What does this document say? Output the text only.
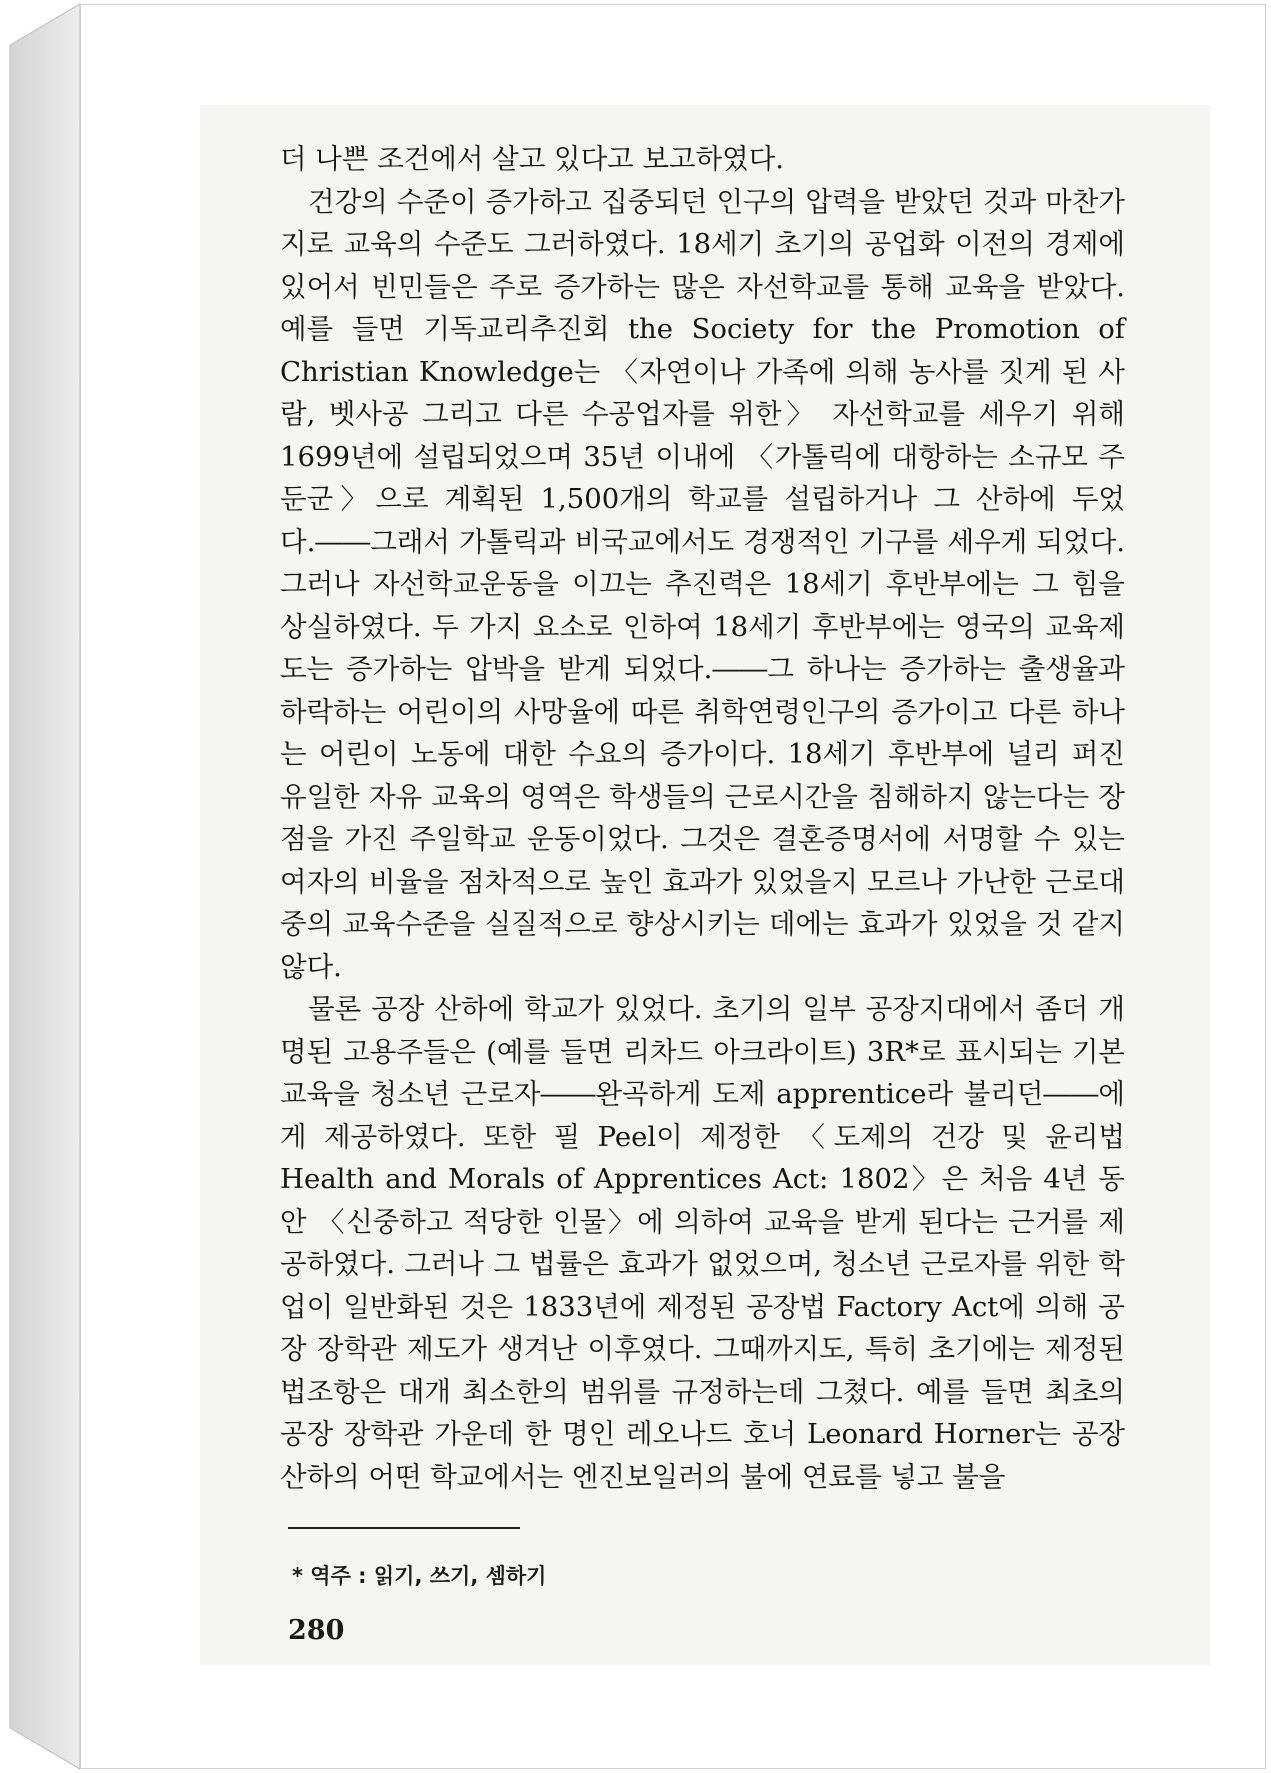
더 나쁜 조건에서 살고 있다고 보고하였다.

건강의 수준이 증가하고 집중되던 인구의 압력을 받았던 것과 마찬가지로 교육의 수준도 그러하였다. 18세기 초기의 공업화 이전의 경제에 있어서 빈민들은 주로 증가하는 많은 자선학교를 통해 교육을 받았다. 예를 들면 기독교리추진회 the Society for the Promotion of Christian Knowledge는 〈자연이나 가족에 의해 농사를 짓게 된 사람, 벳사공 그리고 다른 수공업자를 위한〉 자선학교를 세우기 위해 1699년에 설립되었으며 35년 이내에 〈가톨릭에 대항하는 소규모 주둔군〉으로 계획된 1,500개의 학교를 설립하거나 그 산하에 두었다.――그래서 가톨릭과 비국교에서도 경쟁적인 기구를 세우게 되었다. 그러나 자선학교운동을 이끄는 추진력은 18세기 후반부에는 그 힘을 상실하였다. 두 가지 요소로 인하여 18세기 후반부에는 영국의 교육제도는 증가하는 압박을 받게 되었다.――그 하나는 증가하는 출생율과 하락하는 어린이의 사망율에 따른 취학연령인구의 증가이고 다른 하나는 어린이 노동에 대한 수요의 증가이다. 18세기 후반부에 널리 퍼진 유일한 자유 교육의 영역은 학생들의 근로시간을 침해하지 않는다는 장점을 가진 주일학교 운동이었다. 그것은 결혼증명서에 서명할 수 있는 여자의 비율을 점차적으로 높인 효과가 있었을지 모르나 가난한 근로대중의 교육수준을 실질적으로 향상시키는 데에는 효과가 있었을 것 같지 않다.

물론 공장 산하에 학교가 있었다. 초기의 일부 공장지대에서 좀더 개명된 고용주들은 (예를 들면 리차드 아크라이트) 3R*로 표시되는 기본교육을 청소년 근로자――완곡하게 도제 apprentice라 불리던――에게 제공하였다. 또한 필 Peel이 제정한 〈도제의 건강 및 윤리법 Health and Morals of Apprentices Act: 1802〉은 처음 4년 동안 〈신중하고 적당한 인물〉에 의하여 교육을 받게 된다는 근거를 제공하였다. 그러나 그 법률은 효과가 없었으며, 청소년 근로자를 위한 학업이 일반화된 것은 1833년에 제정된 공장법 Factory Act에 의해 공장 장학관 제도가 생겨난 이후였다. 그때까지도, 특히 초기에는 제정된 법조항은 대개 최소한의 범위를 규정하는데 그쳤다. 예를 들면 최초의 공장 장학관 가운데 한 명인 레오나드 호너 Leonard Horner는 공장 산하의 어떤 학교에서는 엔진보일러의 불에 연료를 넣고 불을

* 역주 : 읽기, 쓰기, 셈하기
280
